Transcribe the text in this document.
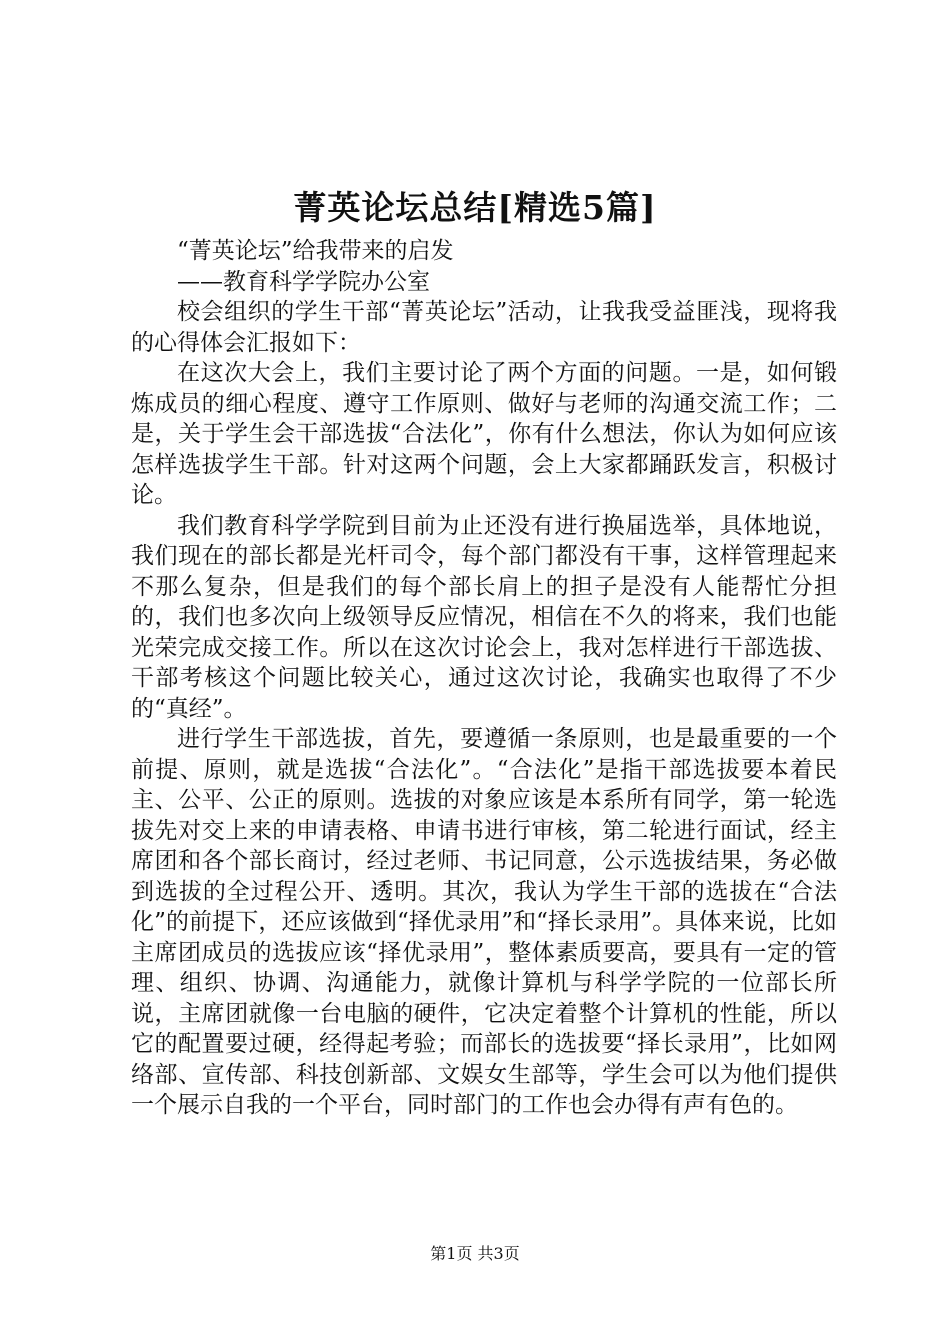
菁英论坛总结[精选5篇]

“菁英论坛”给我带来的启发

——教育科学学院办公室

校会组织的学生干部“菁英论坛”活动，让我我受益匪浅，现将我的心得体会汇报如下：

在这次大会上，我们主要讨论了两个方面的问题。一是，如何锻炼成员的细心程度、遵守工作原则、做好与老师的沟通交流工作；二是，关于学生会干部选拔“合法化”，你有什么想法，你认为如何应该怎样选拔学生干部。针对这两个问题，会上大家都踊跃发言，积极讨论。

我们教育科学学院到目前为止还没有进行换届选举，具体地说，我们现在的部长都是光杆司令，每个部门都没有干事，这样管理起来不那么复杂，但是我们的每个部长肩上的担子是没有人能帮忙分担的，我们也多次向上级领导反应情况，相信在不久的将来，我们也能光荣完成交接工作。所以在这次讨论会上，我对怎样进行干部选拔、干部考核这个问题比较关心，通过这次讨论，我确实也取得了不少的“真经”。

进行学生干部选拔，首先，要遵循一条原则，也是最重要的一个前提、原则，就是选拔“合法化”。“合法化”是指干部选拔要本着民主、公平、公正的原则。选拔的对象应该是本系所有同学，第一轮选拔先对交上来的申请表格、申请书进行审核，第二轮进行面试，经主席团和各个部长商讨，经过老师、书记同意，公示选拔结果，务必做到选拔的全过程公开、透明。其次，我认为学生干部的选拔在“合法化”的前提下，还应该做到“择优录用”和“择长录用”。具体来说，比如主席团成员的选拔应该“择优录用”，整体素质要高，要具有一定的管理、组织、协调、沟通能力，就像计算机与科学学院的一位部长所说，主席团就像一台电脑的硬件，它决定着整个计算机的性能，所以它的配置要过硬，经得起考验；而部长的选拔要“择长录用”，比如网络部、宣传部、科技创新部、文娱女生部等，学生会可以为他们提供一个展示自我的一个平台，同时部门的工作也会办得有声有色的。

第1页 共3页
